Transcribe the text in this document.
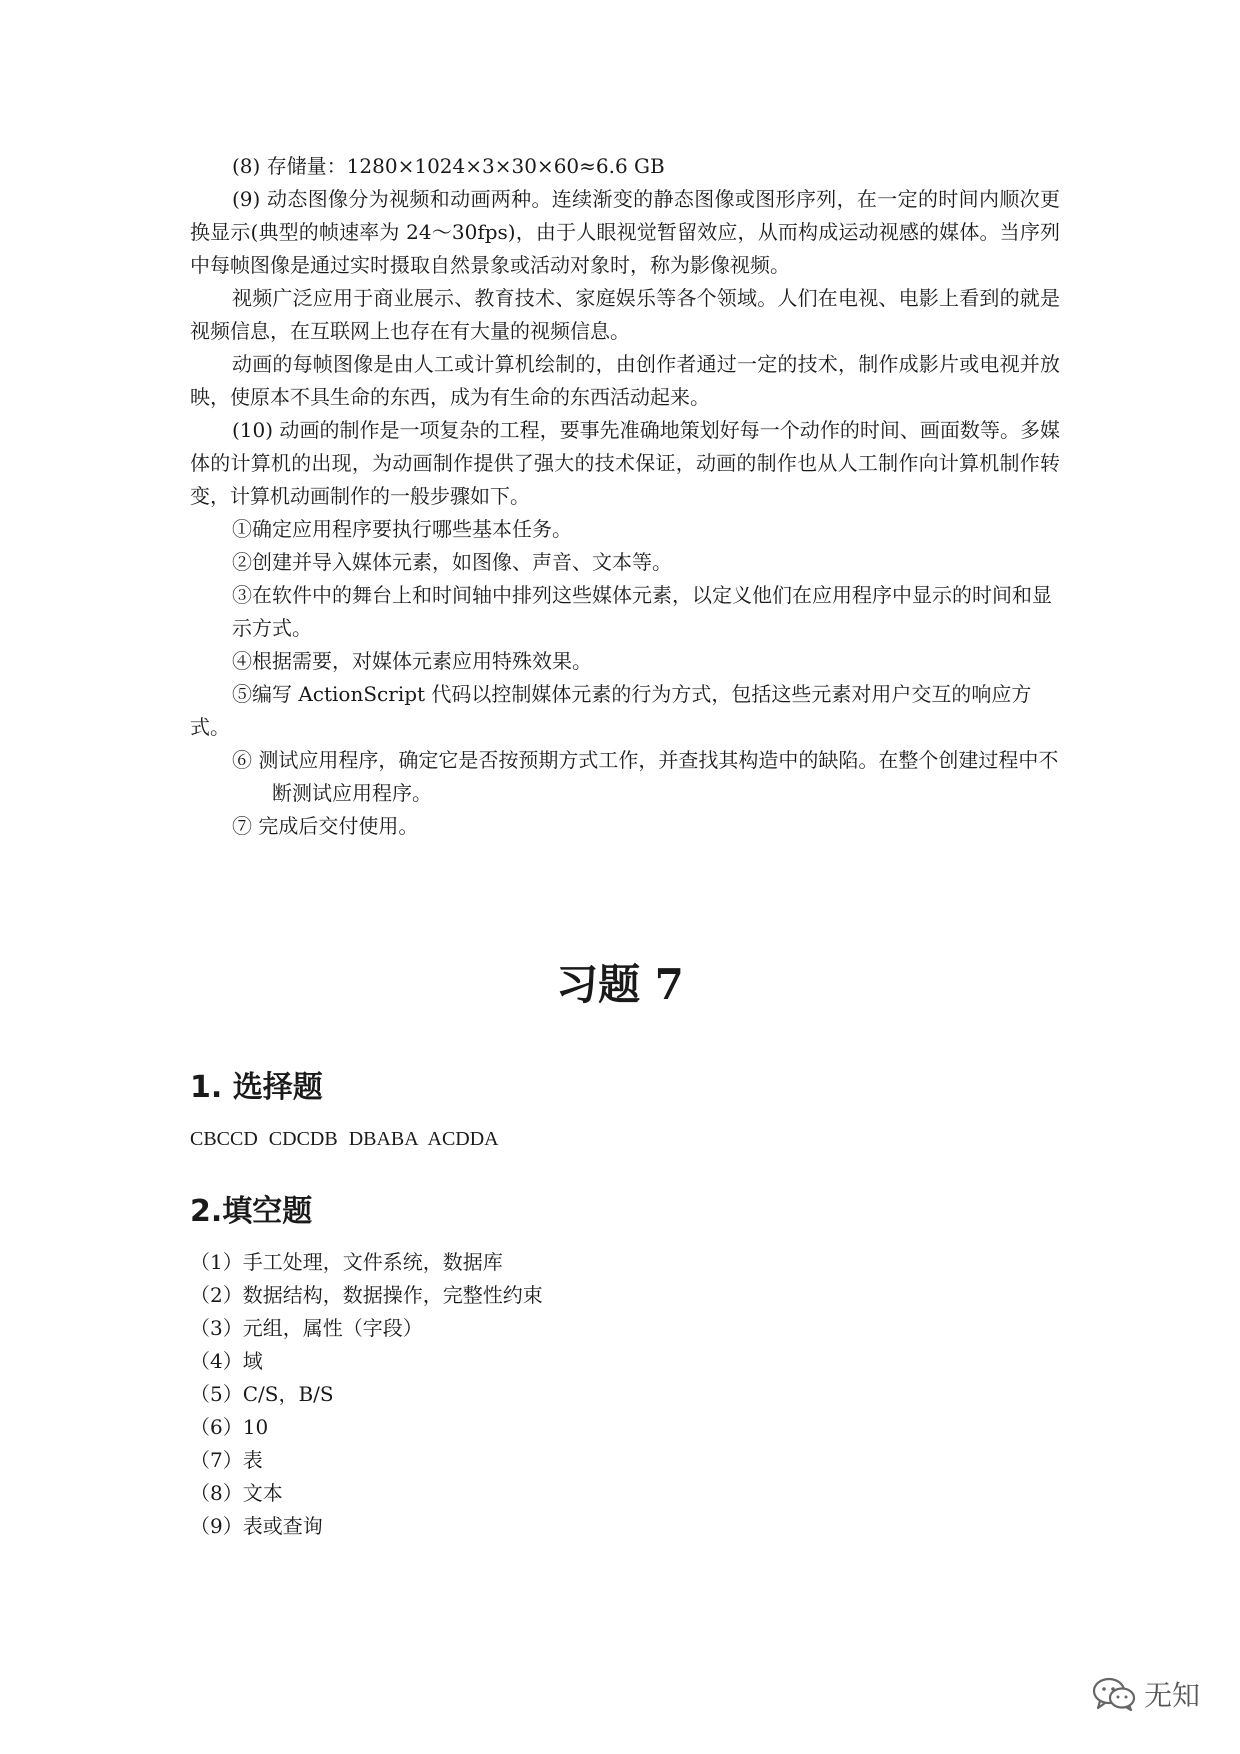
(8) 存储量：1280×1024×3×30×60≈6.6 GB

(9) 动态图像分为视频和动画两种。连续渐变的静态图像或图形序列，在一定的时间内顺次更换显示(典型的帧速率为 24～30fps)，由于人眼视觉暂留效应，从而构成运动视感的媒体。当序列中每帧图像是通过实时摄取自然景象或活动对象时，称为影像视频。

视频广泛应用于商业展示、教育技术、家庭娱乐等各个领域。人们在电视、电影上看到的就是视频信息，在互联网上也存在有大量的视频信息。

动画的每帧图像是由人工或计算机绘制的，由创作者通过一定的技术，制作成影片或电视并放映，使原本不具生命的东西，成为有生命的东西活动起来。

(10) 动画的制作是一项复杂的工程，要事先准确地策划好每一个动作的时间、画面数等。多媒体的计算机的出现，为动画制作提供了强大的技术保证，动画的制作也从人工制作向计算机制作转变，计算机动画制作的一般步骤如下。

①确定应用程序要执行哪些基本任务。

②创建并导入媒体元素，如图像、声音、文本等。

③在软件中的舞台上和时间轴中排列这些媒体元素，以定义他们在应用程序中显示的时间和显示方式。

④根据需要，对媒体元素应用特殊效果。

⑤编写 ActionScript 代码以控制媒体元素的行为方式，包括这些元素对用户交互的响应方式。

⑥ 测试应用程序，确定它是否按预期方式工作，并查找其构造中的缺陷。在整个创建过程中不断测试应用程序。

⑦ 完成后交付使用。

习题 7
1. 选择题

CBCCD CDCDB DBABA ACDDA

2.填空题
（1）手工处理，文件系统，数据库
（2）数据结构，数据操作，完整性约束
（3）元组，属性（字段）
（4）域
（5）C/S，B/S
（6）10
（7）表
（8）文本
（9）表或查询
无知
